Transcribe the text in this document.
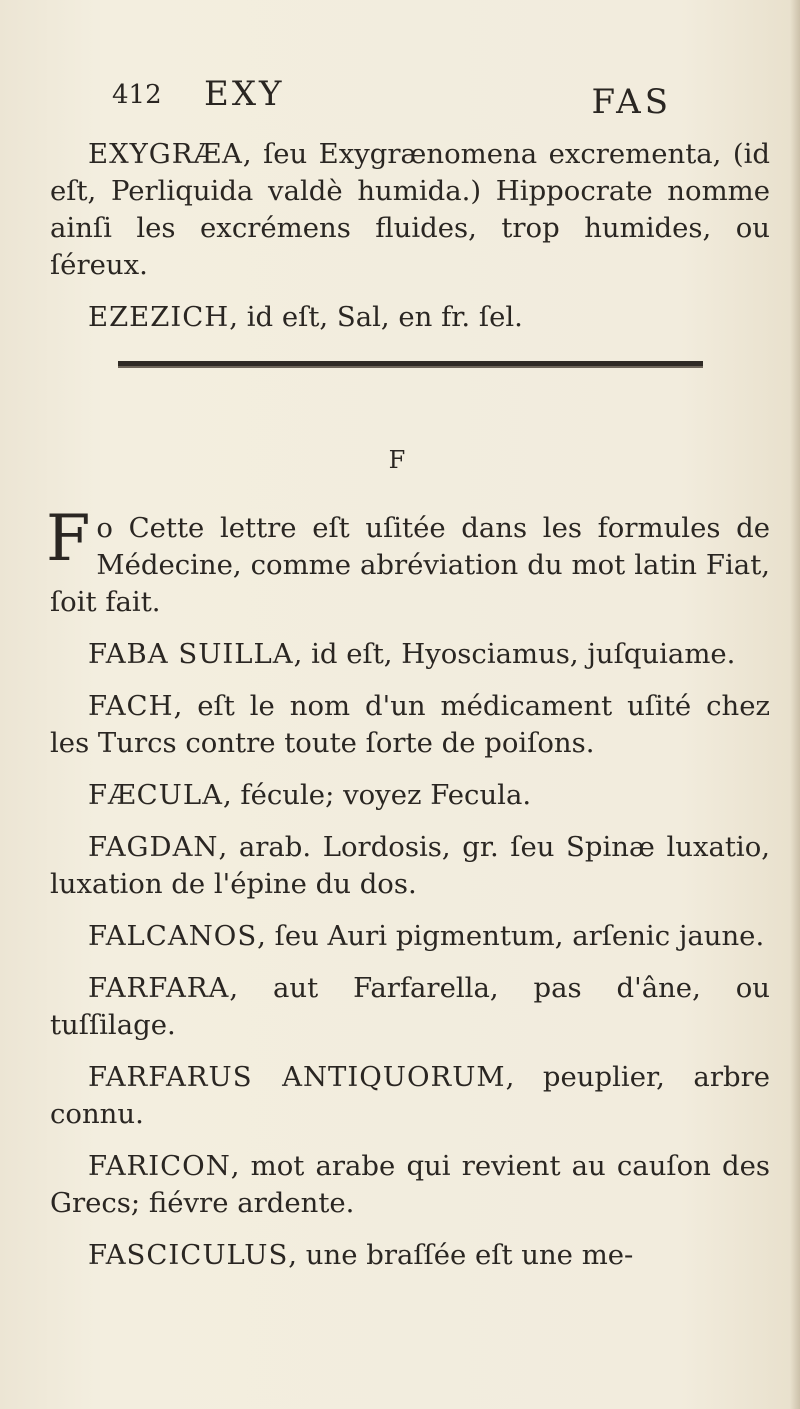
412 EXY	FAS

EXYGRÆA, ſeu Exygrænomena excrementa, (id eſt, Perliquida valdè humida.) Hippocrate nomme ainſi les excrémens fluides, trop humides, ou ſéreux.

EZEZICH, id eſt, Sal, en fr. ſel.

F

Fo Cette lettre eſt uſitée dans les formules de Médecine, comme abréviation du mot latin Fiat, ſoit fait.

FABA SUILLA, id eſt, Hyosciamus, juſquiame.

FACH, eſt le nom d'un médicament uſité chez les Turcs contre toute ſorte de poiſons.

FÆCULA, fécule; voyez Fecula.

FAGDAN, arab. Lordosis, gr. ſeu Spinæ luxatio, luxation de l'épine du dos.

FALCANOS, ſeu Auri pigmentum, arſenic jaune.

FARFARA, aut Farfarella, pas d'âne, ou tuſſilage.

FARFARUS ANTIQUORUM, peuplier, arbre connu.

FARICON, mot arabe qui revient au cauſon des Grecs; fiévre ardente.

FASCICULUS, une braſſée eſt une me-
